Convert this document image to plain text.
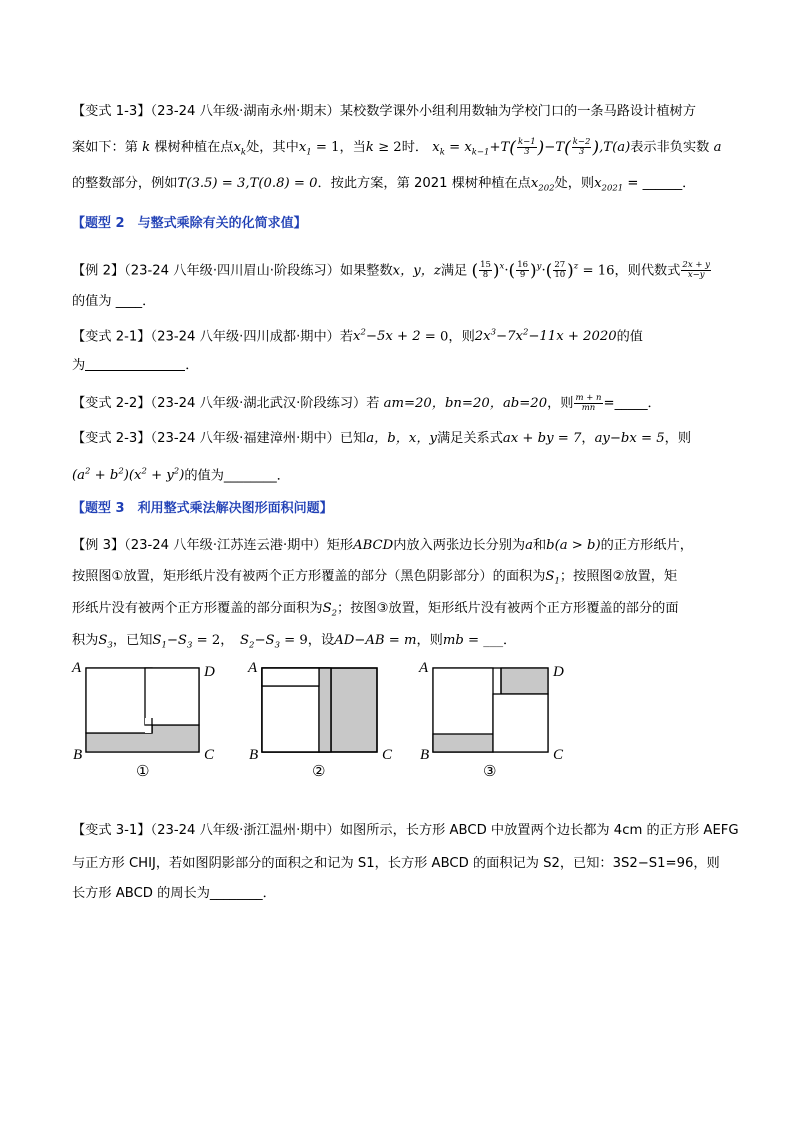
【变式 1-3】（23-24 八年级·湖南永州·期末）某校数学课外小组利用数轴为学校门口的一条马路设计植树方
案如下：第 k 棵树种植在点$x_k$处，其中$x_1 = 1$，当k ≥ 2时． $x_k = x_{k-1}+T( \frac{k-1}{3} )-T( \frac{k-2}{3} ),T(a)$表示非负实数 a
的整数部分，例如T(3.5) = 3,T(0.8) = 0．按此方案，第 2021 棵树种植在点$x_{202}$处，则$x_{2021}$ = ______．
【题型 2　与整式乘除有关的化简求值】
【例 2】（23-24 八年级·四川眉山·阶段练习）如果整数x，y，z满足 ( $\frac{15}{8} )^x\cdot( \frac{16}{9} )^y\cdot( \frac{27}{10} )^z = 16$，则代数式 $\frac{2x + y}{x-y}$
的值为 ____．
【变式 2-1】（23-24 八年级·四川成都·期中）若$x^2-5x + 2 = 0$，则$2x^3-7x^2-11x + 2020$的值
为	．
【变式 2-2】（23-24 八年级·湖北武汉·阶段练习）若 am=20，bn=20，ab=20，则 $\frac{m + n}{mn}$ =_____．
【变式 2-3】（23-24 八年级·福建漳州·期中）已知a，b，x，y满足关系式ax + by = 7，ay−bx = 5，则
$(a^2 + b^2)(x^2 + y^2)$的值为________．
【题型 3　利用整式乘法解决图形面积问题】
【例 3】（23-24 八年级·江苏连云港·期中）矩形ABCD内放入两张边长分别为a和b(a > b)的正方形纸片，
按照图①放置，矩形纸片没有被两个正方形覆盖的部分（黑色阴影部分）的面积为$S_1$；按照图②放置，矩
形纸片没有被两个正方形覆盖的部分面积为$S_2$；按图③放置，矩形纸片没有被两个正方形覆盖的部分的面
积为$S_3$，已知$S_1-S_3 = 2$，　$S_2-S_3 = 9$，设AD−AB = m，则mb = ___．
A	D
B	C
①
A
C
B
②
A	D
B	C
③
【变式 3-1】（23-24 八年级·浙江温州·期中）如图所示，长方形 ABCD 中放置两个边长都为 4cm 的正方形 AEFG
与正方形 CHIJ，若如图阴影部分的面积之和记为 S1，长方形 ABCD 的面积记为 S2，已知：3S2−S1=96，则
长方形 ABCD 的周长为________．
